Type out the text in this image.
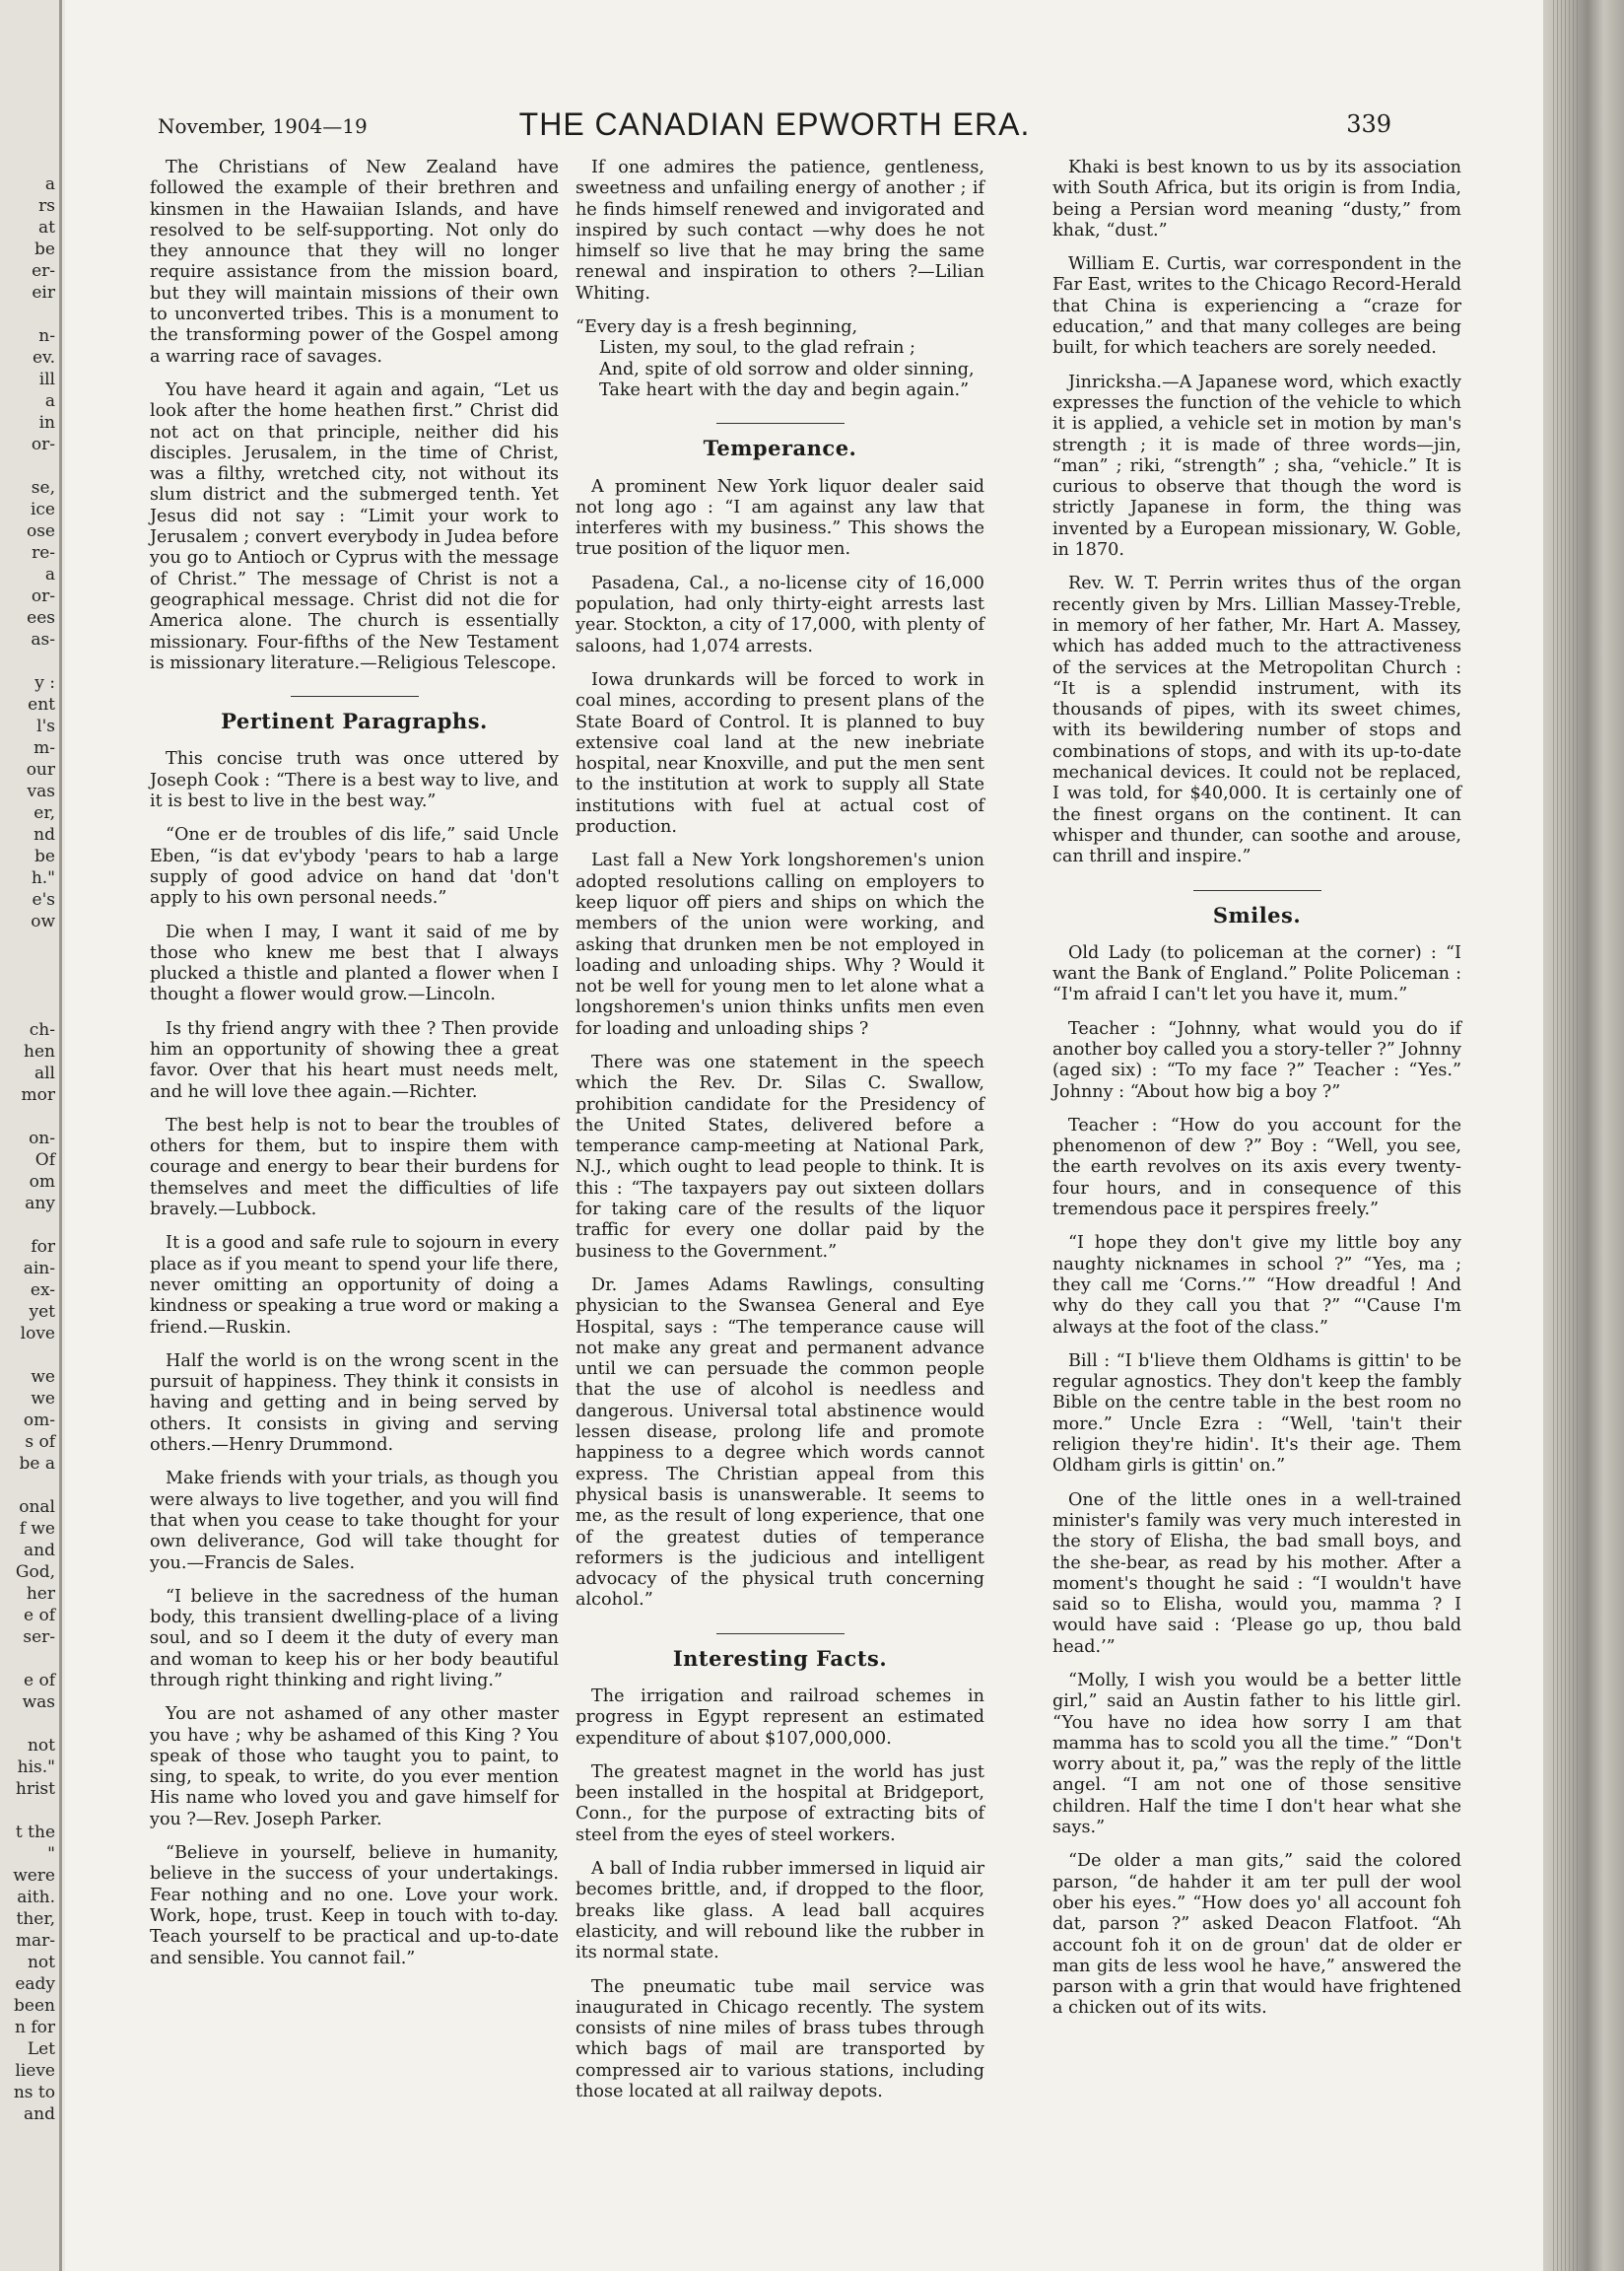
a
rs
at
be
er-
eir
n-
ev.
ill
a
in
or-
se,
ice
ose
re-
a
or-
ees
as-
y :
ent
l's
m-
our
vas
er,
nd
be
h."
e's
ow
ch-
hen
all
mor
on-
Of
om
any
for
ain-
ex-
yet
love
we
we
om-
s of
be a
onal
f we
and
God,
her
e of
ser-
e of
was
not
his."
hrist
t the
"
were
aith.
ther,
mar-
not
eady
been
n for
Let
lieve
ns to
and
November, 1904—19	THE CANADIAN EPWORTH ERA.	339

The Christians of New Zealand have followed the example of their brethren and kinsmen in the Hawaiian Islands, and have resolved to be self-supporting. Not only do they announce that they will no longer require assistance from the mission board, but they will maintain missions of their own to unconverted tribes. This is a monument to the transforming power of the Gospel among a warring race of savages.

You have heard it again and again, “Let us look after the home heathen first.” Christ did not act on that principle, neither did his disciples. Jerusalem, in the time of Christ, was a filthy, wretched city, not without its slum district and the submerged tenth. Yet Jesus did not say : “Limit your work to Jerusalem ; convert everybody in Judea before you go to Antioch or Cyprus with the message of Christ.” The message of Christ is not a geographical message. Christ did not die for America alone. The church is essentially missionary. Four-fifths of the New Testament is missionary literature.—Religious Telescope.

Pertinent Paragraphs.

This concise truth was once uttered by Joseph Cook : “There is a best way to live, and it is best to live in the best way.”

“One er de troubles of dis life,” said Uncle Eben, “is dat ev'ybody 'pears to hab a large supply of good advice on hand dat 'don't apply to his own personal needs.”

Die when I may, I want it said of me by those who knew me best that I always plucked a thistle and planted a flower when I thought a flower would grow.—Lincoln.

Is thy friend angry with thee ? Then provide him an opportunity of showing thee a great favor. Over that his heart must needs melt, and he will love thee again.—Richter.

The best help is not to bear the troubles of others for them, but to inspire them with courage and energy to bear their burdens for themselves and meet the difficulties of life bravely.—Lubbock.

It is a good and safe rule to sojourn in every place as if you meant to spend your life there, never omitting an opportunity of doing a kindness or speaking a true word or making a friend.—Ruskin.

Half the world is on the wrong scent in the pursuit of happiness. They think it consists in having and getting and in being served by others. It consists in giving and serving others.—Henry Drummond.

Make friends with your trials, as though you were always to live together, and you will find that when you cease to take thought for your own deliverance, God will take thought for you.—Francis de Sales.

“I believe in the sacredness of the human body, this transient dwelling-place of a living soul, and so I deem it the duty of every man and woman to keep his or her body beautiful through right thinking and right living.”

You are not ashamed of any other master you have ; why be ashamed of this King ? You speak of those who taught you to paint, to sing, to speak, to write, do you ever mention His name who loved you and gave himself for you ?—Rev. Joseph Parker.

“Believe in yourself, believe in humanity, believe in the success of your undertakings. Fear nothing and no one. Love your work. Work, hope, trust. Keep in touch with to-day. Teach yourself to be practical and up-to-date and sensible. You cannot fail.”

If one admires the patience, gentleness, sweetness and unfailing energy of another ; if he finds himself renewed and invigorated and inspired by such contact —why does he not himself so live that he may bring the same renewal and inspiration to others ?—Lilian Whiting.

“Every day is a fresh beginning,
Listen, my soul, to the glad refrain ;
And, spite of old sorrow and older sinning,
Take heart with the day and begin again.”
Temperance.

A prominent New York liquor dealer said not long ago : “I am against any law that interferes with my business.” This shows the true position of the liquor men.

Pasadena, Cal., a no-license city of 16,000 population, had only thirty-eight arrests last year. Stockton, a city of 17,000, with plenty of saloons, had 1,074 arrests.

Iowa drunkards will be forced to work in coal mines, according to present plans of the State Board of Control. It is planned to buy extensive coal land at the new inebriate hospital, near Knoxville, and put the men sent to the institution at work to supply all State institutions with fuel at actual cost of production.

Last fall a New York longshoremen's union adopted resolutions calling on employers to keep liquor off piers and ships on which the members of the union were working, and asking that drunken men be not employed in loading and unloading ships. Why ? Would it not be well for young men to let alone what a longshoremen's union thinks unfits men even for loading and unloading ships ?

There was one statement in the speech which the Rev. Dr. Silas C. Swallow, prohibition candidate for the Presidency of the United States, delivered before a temperance camp-meeting at National Park, N.J., which ought to lead people to think. It is this : “The taxpayers pay out sixteen dollars for taking care of the results of the liquor traffic for every one dollar paid by the business to the Government.”

Dr. James Adams Rawlings, consulting physician to the Swansea General and Eye Hospital, says : “The temperance cause will not make any great and permanent advance until we can persuade the common people that the use of alcohol is needless and dangerous. Universal total abstinence would lessen disease, prolong life and promote happiness to a degree which words cannot express. The Christian appeal from this physical basis is unanswerable. It seems to me, as the result of long experience, that one of the greatest duties of temperance reformers is the judicious and intelligent advocacy of the physical truth concerning alcohol.”

Interesting Facts.

The irrigation and railroad schemes in progress in Egypt represent an estimated expenditure of about $107,000,000.

The greatest magnet in the world has just been installed in the hospital at Bridgeport, Conn., for the purpose of extracting bits of steel from the eyes of steel workers.

A ball of India rubber immersed in liquid air becomes brittle, and, if dropped to the floor, breaks like glass. A lead ball acquires elasticity, and will rebound like the rubber in its normal state.

The pneumatic tube mail service was inaugurated in Chicago recently. The system consists of nine miles of brass tubes through which bags of mail are transported by compressed air to various stations, including those located at all railway depots.

Khaki is best known to us by its association with South Africa, but its origin is from India, being a Persian word meaning “dusty,” from khak, “dust.”

William E. Curtis, war correspondent in the Far East, writes to the Chicago Record-Herald that China is experiencing a “craze for education,” and that many colleges are being built, for which teachers are sorely needed.

Jinricksha.—A Japanese word, which exactly expresses the function of the vehicle to which it is applied, a vehicle set in motion by man's strength ; it is made of three words—jin, “man” ; riki, “strength” ; sha, “vehicle.” It is curious to observe that though the word is strictly Japanese in form, the thing was invented by a European missionary, W. Goble, in 1870.

Rev. W. T. Perrin writes thus of the organ recently given by Mrs. Lillian Massey-Treble, in memory of her father, Mr. Hart A. Massey, which has added much to the attractiveness of the services at the Metropolitan Church : “It is a splendid instrument, with its thousands of pipes, with its sweet chimes, with its bewildering number of stops and combinations of stops, and with its up-to-date mechanical devices. It could not be replaced, I was told, for $40,000. It is certainly one of the finest organs on the continent. It can whisper and thunder, can soothe and arouse, can thrill and inspire.”

Smiles.

Old Lady (to policeman at the corner) : “I want the Bank of England.” Polite Policeman : “I'm afraid I can't let you have it, mum.”

Teacher : “Johnny, what would you do if another boy called you a story-teller ?” Johnny (aged six) : “To my face ?” Teacher : “Yes.” Johnny : “About how big a boy ?”

Teacher : “How do you account for the phenomenon of dew ?” Boy : “Well, you see, the earth revolves on its axis every twenty-four hours, and in consequence of this tremendous pace it perspires freely.”

“I hope they don't give my little boy any naughty nicknames in school ?” “Yes, ma ; they call me ‘Corns.’” “How dreadful ! And why do they call you that ?” “'Cause I'm always at the foot of the class.”

Bill : “I b'lieve them Oldhams is gittin' to be regular agnostics. They don't keep the fambly Bible on the centre table in the best room no more.” Uncle Ezra : “Well, 'tain't their religion they're hidin'. It's their age. Them Oldham girls is gittin' on.”

One of the little ones in a well-trained minister's family was very much interested in the story of Elisha, the bad small boys, and the she-bear, as read by his mother. After a moment's thought he said : “I wouldn't have said so to Elisha, would you, mamma ? I would have said : ‘Please go up, thou bald head.’”

“Molly, I wish you would be a better little girl,” said an Austin father to his little girl. “You have no idea how sorry I am that mamma has to scold you all the time.” “Don't worry about it, pa,” was the reply of the little angel. “I am not one of those sensitive children. Half the time I don't hear what she says.”

“De older a man gits,” said the colored parson, “de hahder it am ter pull der wool ober his eyes.” “How does yo' all account foh dat, parson ?” asked Deacon Flatfoot. “Ah account foh it on de groun' dat de older er man gits de less wool he have,” answered the parson with a grin that would have frightened a chicken out of its wits.
